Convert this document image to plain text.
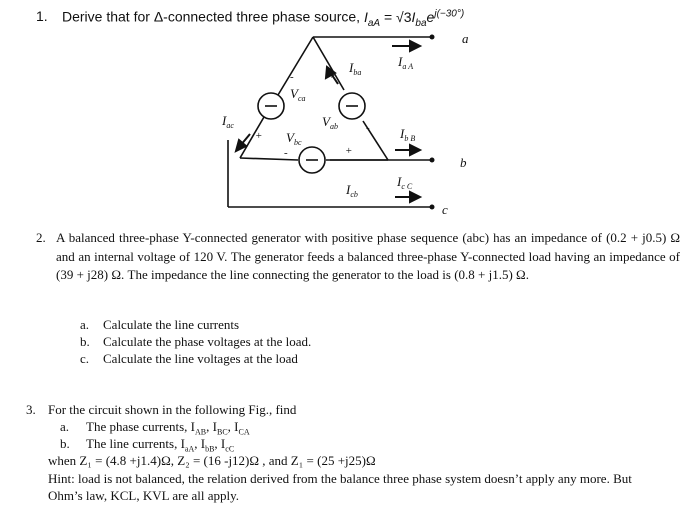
1. Derive that for Δ-connected three phase source, $I_{aA} = √3I_{ba}e^{j(-30^\circ)}$
a
b
c
$I_{a A}$
$I_{b B}$
$I_{c C}$
$I_{ba}$
$I_{ac}$
$I_{cb}$
$V_{ca}$
$V_{ab}$
$V_{bc}$
+
-
+
-
+
-
2. A balanced three-phase Y-connected generator with positive phase sequence (abc) has an impedance of (0.2 + j0.5) Ω and an internal voltage of 120 V. The generator feeds a balanced three-phase Y-connected load having an impedance of (39 + j28) Ω. The impedance the line connecting the generator to the load is (0.8 + j1.5) Ω.
a. Calculate the line currents
b. Calculate the phase voltages at the load.
c. Calculate the line voltages at the load
3. For the circuit shown in the following Fig., find
a. The phase currents, $I_{AB}$, $I_{BC}$, $I_{CA}$
b. The line currents, $I_{aA}$, $I_{bB}$, $I_{cC}$
when Z₁ = (4.8 +j1.4)Ω, Z₂ = (16 -j12)Ω , and Z₁ = (25 +j25)Ω
Hint: load is not balanced, the relation derived from the balance three phase system doesn’t apply any more. But Ohm’s law, KCL, KVL are all apply.
